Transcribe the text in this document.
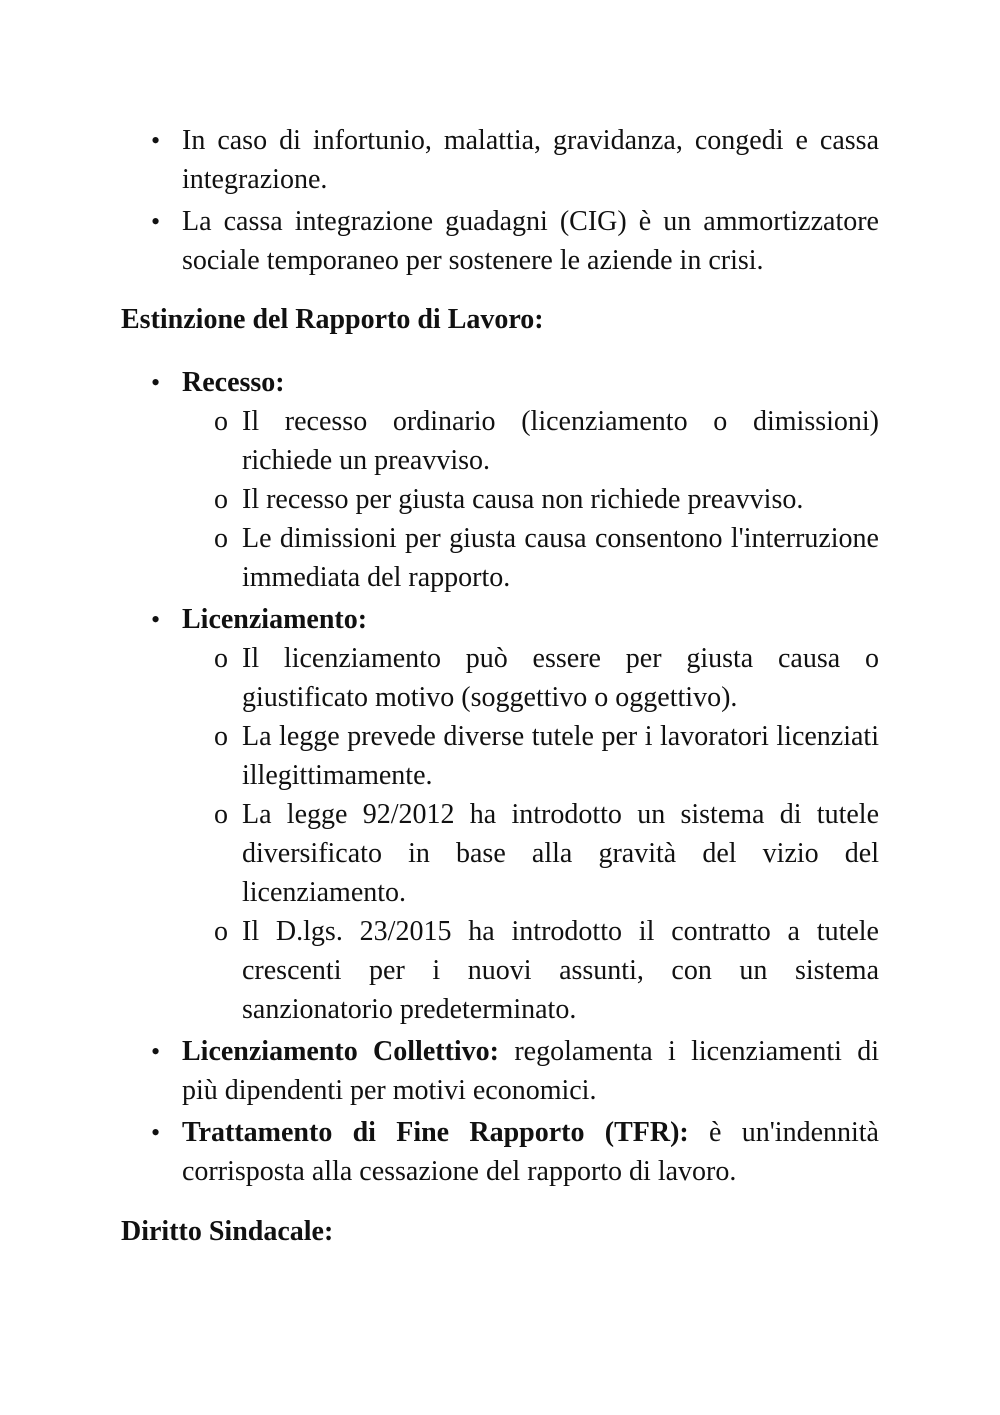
• In caso di infortunio, malattia, gravidanza, congedi e cassa integrazione.
• La cassa integrazione guadagni (CIG) è un ammortizzatore sociale temporaneo per sostenere le aziende in crisi.

Estinzione del Rapporto di Lavoro:

• Recesso:
o Il recesso ordinario (licenziamento o dimissioni) richiede un preavviso.
o Il recesso per giusta causa non richiede preavviso.
o Le dimissioni per giusta causa consentono l'interruzione immediata del rapporto.
• Licenziamento:
o Il licenziamento può essere per giusta causa o giustificato motivo (soggettivo o oggettivo).
o La legge prevede diverse tutele per i lavoratori licenziati illegittimamente.
o La legge 92/2012 ha introdotto un sistema di tutele diversificato in base alla gravità del vizio del licenziamento.
o Il D.lgs. 23/2015 ha introdotto il contratto a tutele crescenti per i nuovi assunti, con un sistema sanzionatorio predeterminato.
• Licenziamento Collettivo: regolamenta i licenziamenti di più dipendenti per motivi economici.
• Trattamento di Fine Rapporto (TFR): è un'indennità corrisposta alla cessazione del rapporto di lavoro.

Diritto Sindacale:
